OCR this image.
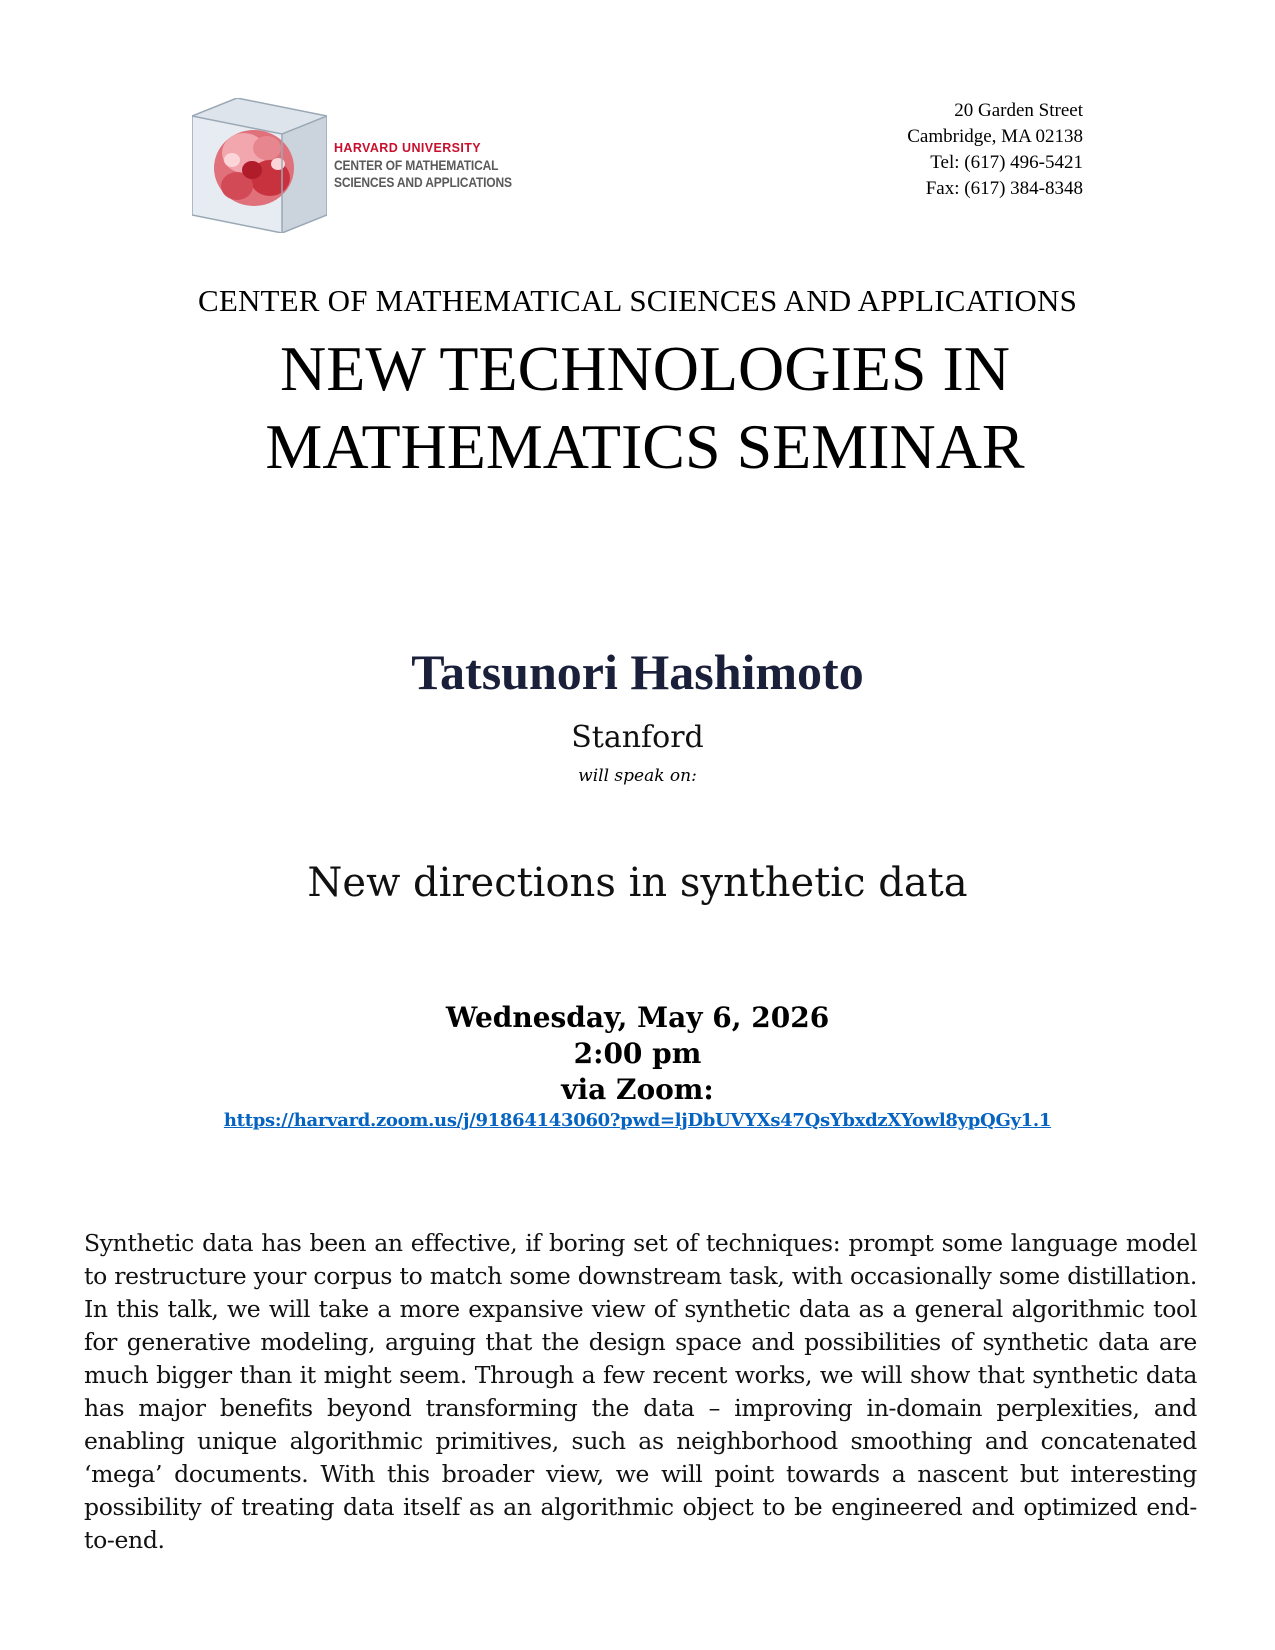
HARVARD UNIVERSITY
CENTER OF MATHEMATICAL
SCIENCES AND APPLICATIONS
20 Garden Street
Cambridge, MA 02138
Tel: (617) 496-5421
Fax: (617) 384-8348
CENTER OF MATHEMATICAL SCIENCES AND APPLICATIONS
NEW TECHNOLOGIES IN
MATHEMATICS SEMINAR
Tatsunori Hashimoto
Stanford
will speak on:
New directions in synthetic data
Wednesday, May 6, 2026
2:00 pm
via Zoom:
https://harvard.zoom.us/j/91864143060?pwd=ljDbUVYXs47QsYbxdzXYowl8ypQGy1.1
Synthetic data has been an effective, if boring set of techniques: prompt some language model to restructure your corpus to match some downstream task, with occasionally some distillation. In this talk, we will take a more expansive view of synthetic data as a general algorithmic tool for generative modeling, arguing that the design space and possibilities of synthetic data are much bigger than it might seem. Through a few recent works, we will show that synthetic data has major benefits beyond transforming the data – improving in-domain perplexities, and enabling unique algorithmic primitives, such as neighborhood smoothing and concatenated ‘mega’ documents. With this broader view, we will point towards a nascent but interesting possibility of treating data itself as an algorithmic object to be engineered and optimized end-to-end.
